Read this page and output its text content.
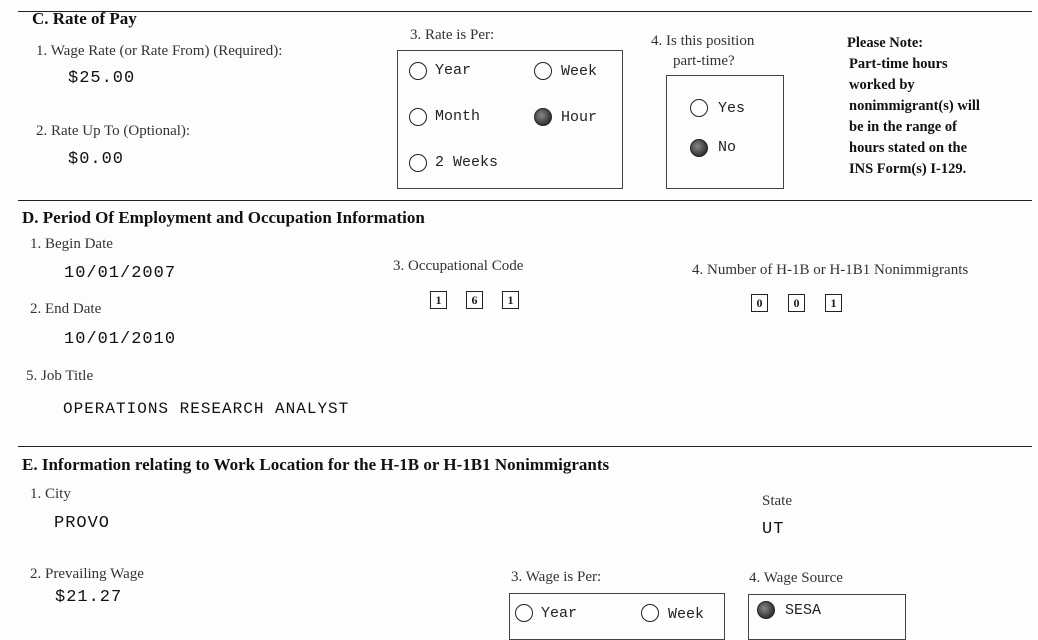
C. Rate of Pay
1. Wage Rate (or Rate From) (Required):
$25.00
2. Rate Up To (Optional):
$0.00
3. Rate is Per:
Year	Week
Month	Hour
2 Weeks
4. Is this position
part-time?
Yes
No
Please Note:
Part-time hours
worked by
nonimmigrant(s) will
be in the range of
hours stated on the
INS Form(s) I-129.
D. Period Of Employment and Occupation Information
1. Begin Date
10/01/2007
2. End Date
10/01/2010
3. Occupational Code
1	6	1
4. Number of H-1B or H-1B1 Nonimmigrants
0	0	1
5. Job Title
OPERATIONS RESEARCH ANALYST
E. Information relating to Work Location for the H-1B or H-1B1 Nonimmigrants
1. City
PROVO
State
UT
2. Prevailing Wage
$21.27
3. Wage is Per:
Year	Week
4. Wage Source
SESA
